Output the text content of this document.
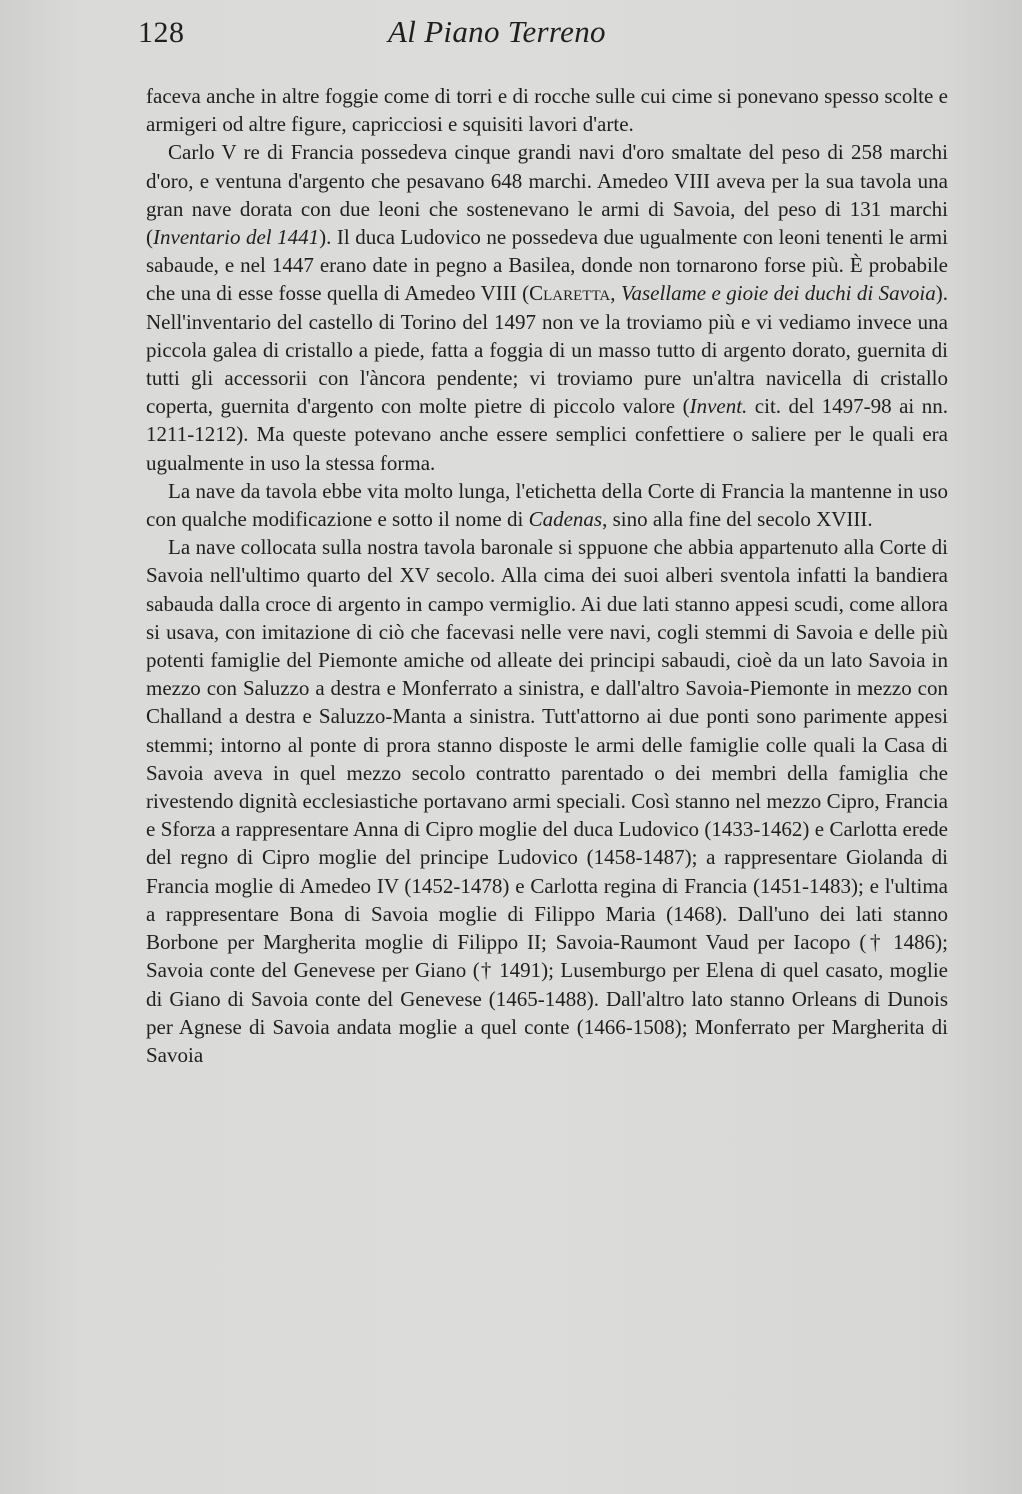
128	Al Piano Terreno

faceva anche in altre foggie come di torri e di rocche sulle cui cime si ponevano spesso scolte e armigeri od altre figure, capricciosi e squisiti lavori d'arte.

Carlo V re di Francia possedeva cinque grandi navi d'oro smaltate del peso di 258 marchi d'oro, e ventuna d'argento che pesavano 648 marchi. Amedeo VIII aveva per la sua tavola una gran nave dorata con due leoni che sostenevano le armi di Savoia, del peso di 131 marchi (Inventario del 1441). Il duca Ludovico ne possedeva due ugualmente con leoni tenenti le armi sabaude, e nel 1447 erano date in pegno a Basilea, donde non tornarono forse più. È probabile che una di esse fosse quella di Amedeo VIII (Claretta, Vasellame e gioie dei duchi di Savoia). Nell'inventario del castello di Torino del 1497 non ve la troviamo più e vi vediamo invece una piccola galea di cristallo a piede, fatta a foggia di un masso tutto di argento dorato, guernita di tutti gli accessorii con l'àncora pendente; vi troviamo pure un'altra navicella di cristallo coperta, guernita d'argento con molte pietre di piccolo valore (Invent. cit. del 1497-98 ai nn. 1211-1212). Ma queste potevano anche essere semplici confettiere o saliere per le quali era ugualmente in uso la stessa forma.

La nave da tavola ebbe vita molto lunga, l'etichetta della Corte di Francia la mantenne in uso con qualche modificazione e sotto il nome di Cadenas, sino alla fine del secolo XVIII.

La nave collocata sulla nostra tavola baronale si sppuone che abbia appartenuto alla Corte di Savoia nell'ultimo quarto del XV secolo. Alla cima dei suoi alberi sventola infatti la bandiera sabauda dalla croce di argento in campo vermiglio. Ai due lati stanno appesi scudi, come allora si usava, con imitazione di ciò che facevasi nelle vere navi, cogli stemmi di Savoia e delle più potenti famiglie del Piemonte amiche od alleate dei principi sabaudi, cioè da un lato Savoia in mezzo con Saluzzo a destra e Monferrato a sinistra, e dall'altro Savoia-Piemonte in mezzo con Challand a destra e Saluzzo-Manta a sinistra. Tutt'attorno ai due ponti sono parimente appesi stemmi; intorno al ponte di prora stanno disposte le armi delle famiglie colle quali la Casa di Savoia aveva in quel mezzo secolo contratto parentado o dei membri della famiglia che rivestendo dignità ecclesiastiche portavano armi speciali. Così stanno nel mezzo Cipro, Francia e Sforza a rappresentare Anna di Cipro moglie del duca Ludovico (1433-1462) e Carlotta erede del regno di Cipro moglie del principe Ludovico (1458-1487); a rappresentare Giolanda di Francia moglie di Amedeo IV (1452-1478) e Carlotta regina di Francia (1451-1483); e l'ultima a rappresentare Bona di Savoia moglie di Filippo Maria (1468). Dall'uno dei lati stanno Borbone per Margherita moglie di Filippo II; Savoia-Raumont Vaud per Iacopo († 1486); Savoia conte del Genevese per Giano († 1491); Lusemburgo per Elena di quel casato, moglie di Giano di Savoia conte del Genevese (1465-1488). Dall'altro lato stanno Orleans di Dunois per Agnese di Savoia andata moglie a quel conte (1466-1508); Monferrato per Margherita di Savoia
